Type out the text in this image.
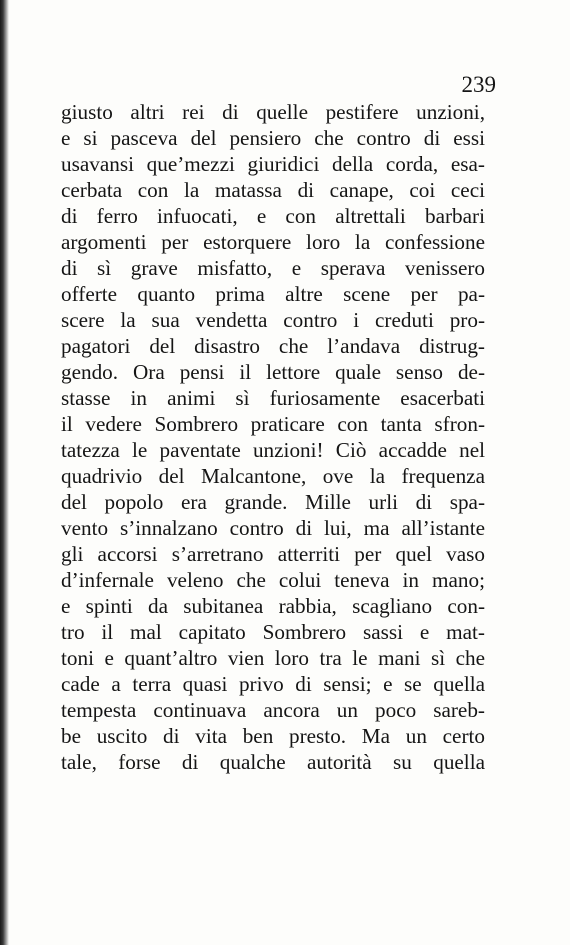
239
giusto altri rei di quelle pestifere unzioni,
e si pasceva del pensiero che contro di essi
usavansi que’mezzi giuridici della corda, esa-
cerbata con la matassa di canape, coi ceci
di ferro infuocati, e con altrettali barbari
argomenti per estorquere loro la confessione
di sì grave misfatto, e sperava venissero
offerte quanto prima altre scene per pa-
scere la sua vendetta contro i creduti pro-
pagatori del disastro che l’andava distrug-
gendo. Ora pensi il lettore quale senso de-
stasse in animi sì furiosamente esacerbati
il vedere Sombrero praticare con tanta sfron-
tatezza le paventate unzioni! Ciò accadde nel
quadrivio del Malcantone, ove la frequenza
del popolo era grande. Mille urli di spa-
vento s’innalzano contro di lui, ma all’istante
gli accorsi s’arretrano atterriti per quel vaso
d’infernale veleno che colui teneva in mano;
e spinti da subitanea rabbia, scagliano con-
tro il mal capitato Sombrero sassi e mat-
toni e quant’altro vien loro tra le mani sì che
cade a terra quasi privo di sensi; e se quella
tempesta continuava ancora un poco sareb-
be uscito di vita ben presto. Ma un certo
tale, forse di qualche autorità su quella
